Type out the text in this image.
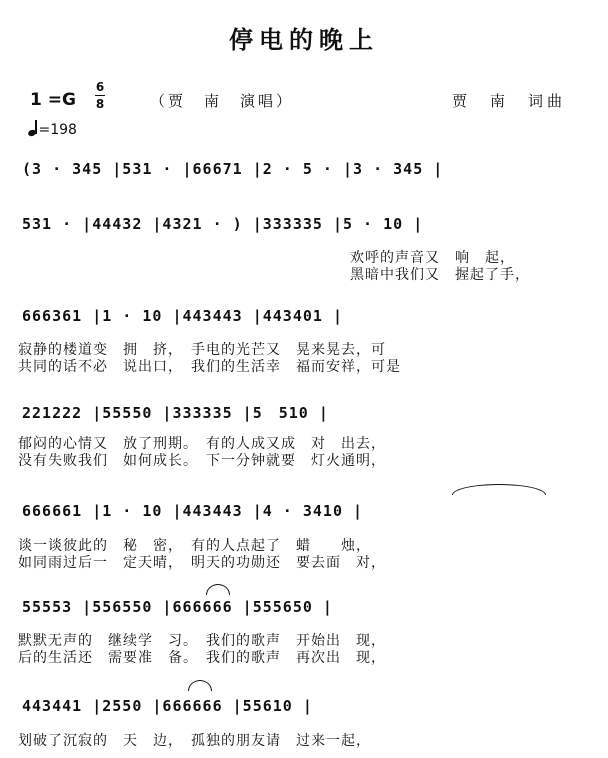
停电的晚上
1 =G
6
8	（贾　南　演唱）	贾　南　词曲
=198
(3 · 345 |531 · |66671 |2 · 5 · |3 · 345 |
531 · |44432 |4321 · ) |333335 |5 · 10 |
欢呼的声音又　响　起，
黑暗中我们又　握起了手，
666361 |1 · 10 |443443 |443401 |
寂静的楼道变　拥　挤，　手电的光芒又　晃来晃去，可
共同的话不必　说出口，　我们的生活幸　福而安祥，可是
221222 |55550 |333335 |5　510 |
郁闷的心情又　放了刑期。　有的人成又成　对　出去，
没有失败我们　如何成长。　下一分钟就要　灯火通明，
666661 |1 · 10 |443443 |4 · 3410 |
谈一谈彼此的　秘　密，　有的人点起了　蜡　　烛，
如同雨过后一　定天晴，　明天的功勋还　要去面　对，
55553 |556550 |666666 |555650 |
默默无声的　继续学　习。　我们的歌声　开始出　现，
后的生活还　需要准　备。　我们的歌声　再次出　现，
443441 |2550 |666666 |55610 |
划破了沉寂的　天　边，　孤独的朋友请　过来一起，
